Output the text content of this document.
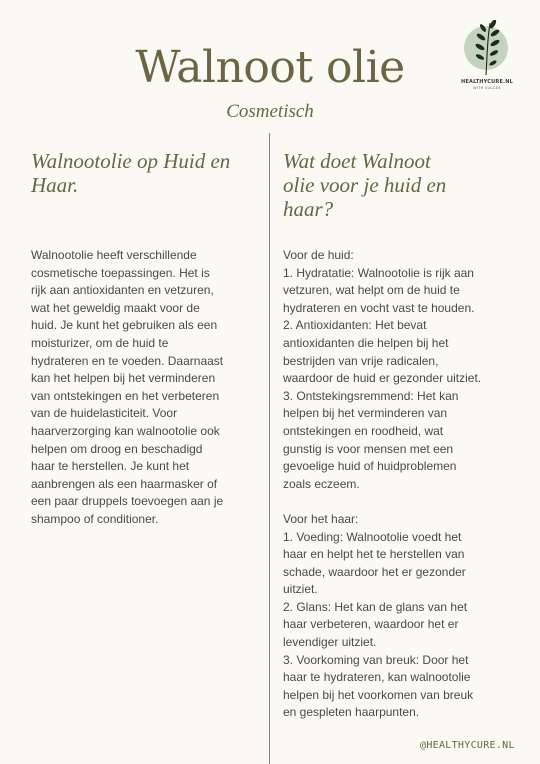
Walnoot olie
Cosmetisch
HEALTHYCURE.NL
WITH SUCCES
Walnootolie op Huid en Haar.
Walnootolie heeft verschillende
cosmetische toepassingen. Het is
rijk aan antioxidanten en vetzuren,
wat het geweldig maakt voor de
huid. Je kunt het gebruiken als een
moisturizer, om de huid te
hydrateren en te voeden. Daarnaast
kan het helpen bij het verminderen
van ontstekingen en het verbeteren
van de huidelasticiteit. Voor
haarverzorging kan walnootolie ook
helpen om droog en beschadigd
haar te herstellen. Je kunt het
aanbrengen als een haarmasker of
een paar druppels toevoegen aan je
shampoo of conditioner.
Wat doet Walnoot olie voor je huid en haar?
Voor de huid:
1. Hydratatie: Walnootolie is rijk aan
vetzuren, wat helpt om de huid te
hydrateren en vocht vast te houden.
2. Antioxidanten: Het bevat
antioxidanten die helpen bij het
bestrijden van vrije radicalen,
waardoor de huid er gezonder uitziet.
3. Ontstekingsremmend: Het kan
helpen bij het verminderen van
ontstekingen en roodheid, wat
gunstig is voor mensen met een
gevoelige huid of huidproblemen
zoals eczeem.

Voor het haar:
1. Voeding: Walnootolie voedt het
haar en helpt het te herstellen van
schade, waardoor het er gezonder
uitziet.
2. Glans: Het kan de glans van het
haar verbeteren, waardoor het er
levendiger uitziet.
3. Voorkoming van breuk: Door het
haar te hydrateren, kan walnootolie
helpen bij het voorkomen van breuk
en gespleten haarpunten.
@HEALTHYCURE.NL
